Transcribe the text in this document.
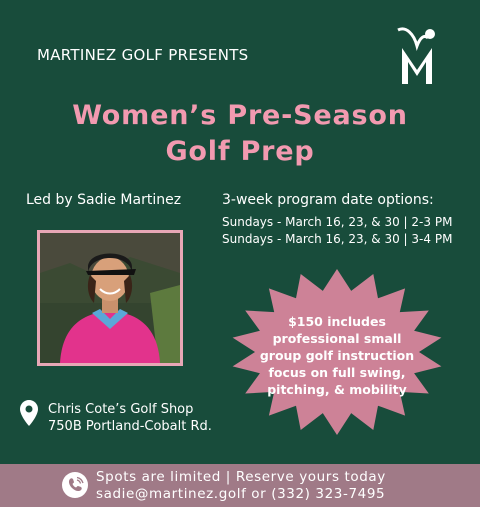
MARTINEZ GOLF PRESENTS
Women’s Pre-Season
Golf Prep
Led by Sadie Martinez	3-week program date options:
Sundays - March 16, 23, & 30 | 2-3 PM
Sundays - March 16, 23, & 30 | 3-4 PM
$150 includes
professional small
group golf instruction
focus on full swing,
pitching, & mobility
Chris Cote’s Golf Shop
750B Portland-Cobalt Rd.
Spots are limited | Reserve yours today
sadie@martinez.golf or (332) 323-7495
